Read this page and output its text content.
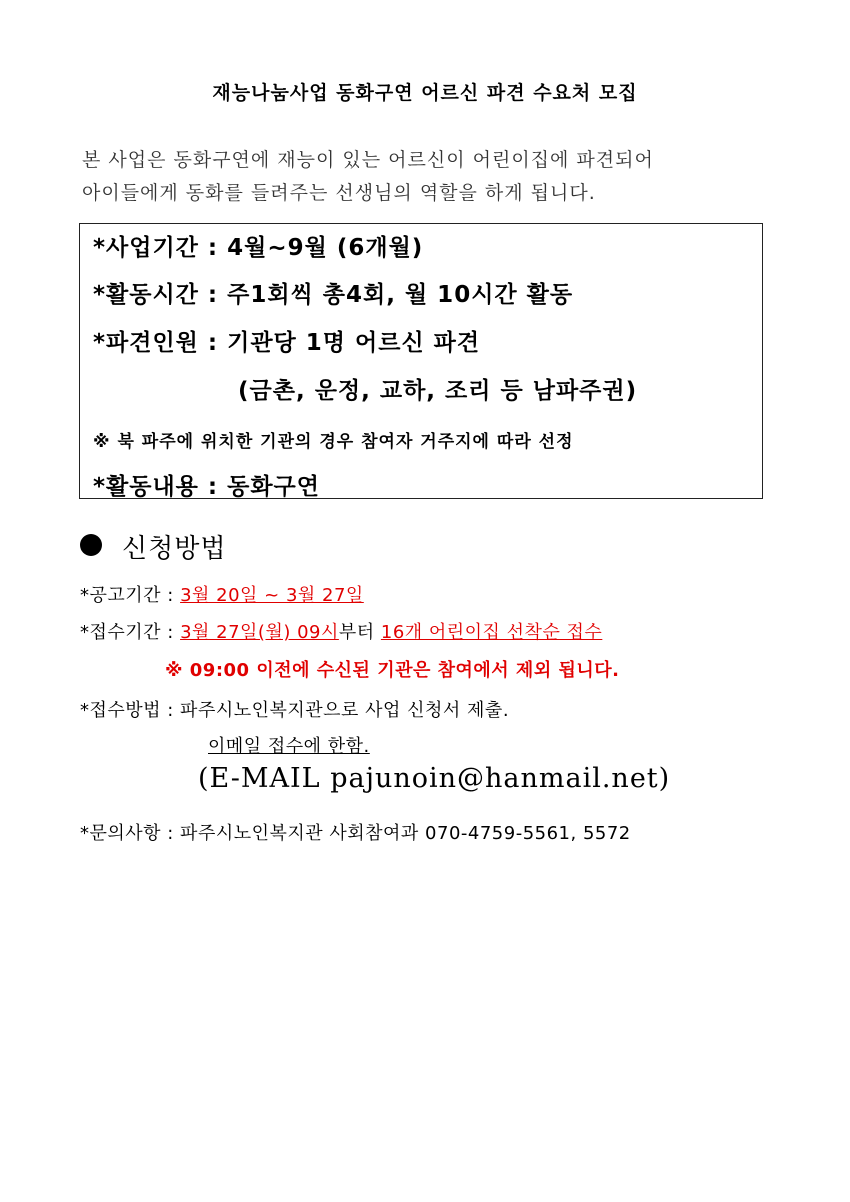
재능나눔사업 동화구연 어르신 파견 수요처 모집
본 사업은 동화구연에 재능이 있는 어르신이 어린이집에 파견되어
아이들에게 동화를 들려주는 선생님의 역할을 하게 됩니다.
*사업기간 : 4월~9월 (6개월)
*활동시간 : 주1회씩 총4회, 월 10시간 활동
*파견인원 : 기관당 1명 어르신 파견
(금촌, 운정, 교하, 조리 등 남파주권)
※ 북 파주에 위치한 기관의 경우 참여자 거주지에 따라 선정
*활동내용 : 동화구연
신청방법
*공고기간 : 3월 20일 ~ 3월 27일
*접수기간 : 3월 27일(월) 09시부터 16개 어린이집 선착순 접수
※ 09:00 이전에 수신된 기관은 참여에서 제외 됩니다.
*접수방법 : 파주시노인복지관으로 사업 신청서 제출.
이메일 접수에 한함.
(E-MAIL pajunoin@hanmail.net)
*문의사항 : 파주시노인복지관 사회참여과 070-4759-5561, 5572
